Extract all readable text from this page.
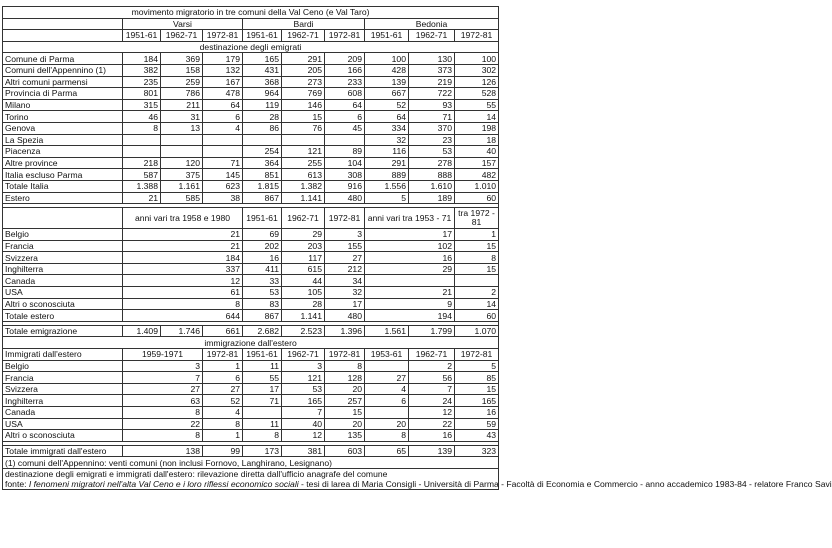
movimento migratorio in tre comuni della Val Ceno (e Val Taro)									
	Varsi			Bardi			Bedonia		
	1951-61	1962-71	1972-81	1951-61	1962-71	1972-81	1951-61	1962-71	1972-81
destinazione degli emigrati									
Comune di Parma	184	369	179	165	291	209	100	130	100
Comuni dell'Appennino (1)	382	158	132	431	205	166	428	373	302
Altri comuni parmensi	235	259	167	368	273	233	139	219	126
Provincia di Parma	801	786	478	964	769	608	667	722	528
Milano	315	211	64	119	146	64	52	93	55
Torino	46	31	6	28	15	6	64	71	14
Genova	8	13	4	86	76	45	334	370	198
La Spezia							32	23	18
Piacenza				254	121	89	116	53	40
Altre province	218	120	71	364	255	104	291	278	157
Italia escluso Parma	587	375	145	851	613	308	889	888	482
Totale Italia	1.388	1.161	623	1.815	1.382	916	1.556	1.610	1.010
Estero	21	585	38	867	1.141	480	5	189	60

	anni vari tra 1958 e 1980			1951-61	1962-71	1972-81	anni vari tra 1953 - 71		tra 1972 - 81
Belgio	21			69	29	3	17		1
Francia	21			202	203	155	102		15
Svizzera	184			16	117	27	16		8
Inghilterra	337			411	615	212	29		15
Canada	12			33	44	34			
USA	61			53	105	32	21		2
Altri o sconosciuta	8			83	28	17	9		14
Totale estero	644			867	1.141	480	194		60

Totale emigrazione	1.409	1.746	661	2.682	2.523	1.396	1.561	1.799	1.070
immigrazione dall'estero									
Immigrati dall'estero	1959-1971		1972-81	1951-61	1962-71	1972-81	1953-61	1962-71	1972-81
Belgio	3		1	11	3	8		2	5
Francia	7		6	55	121	128	27	56	85
Svizzera	27		27	17	53	20	4	7	15
Inghilterra	63		52	71	165	257	6	24	165
Canada	8		4		7	15		12	16
USA	22		8	11	40	20	20	22	59
Altri o sconosciuta	8		1	8	12	135	8	16	43

Totale immigrati dall'estero	138		99	173	381	603	65	139	323
(1) comuni dell'Appennino: venti comuni (non inclusi Fornovo, Langhirano, Lesignano)									

destinazione degli emigrati e immigrati dall'estero: rilevazione diretta dall'ufficio anagrafe del comune
fonte: I fenomeni migratori nell'alta Val Ceno e i loro riflessi economico sociali - tesi di larea di Maria Consigli - Università di Parma - Facoltà di Economia e Commercio - anno accademico 1983-84 - relatore Franco Savi									
